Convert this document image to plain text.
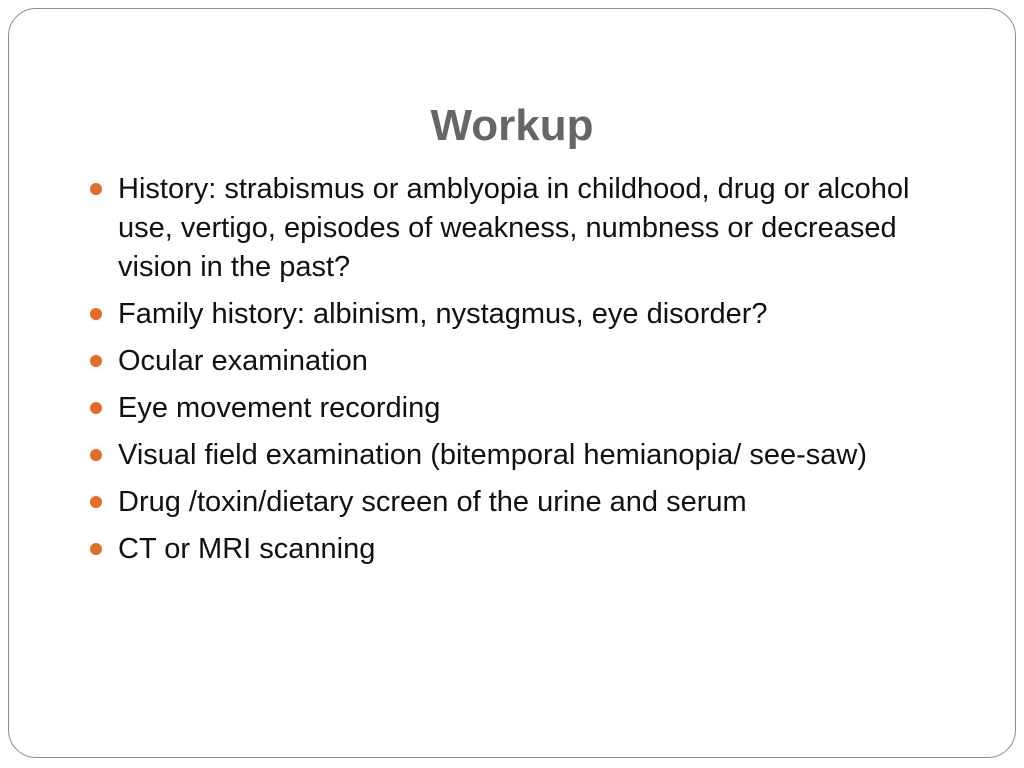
Workup
History: strabismus or amblyopia in childhood, drug or alcohol use, vertigo, episodes of weakness, numbness or decreased vision in the past?
Family history: albinism, nystagmus, eye disorder?
Ocular examination
Eye movement recording
Visual field examination (bitemporal hemianopia/ see-saw)
Drug /toxin/dietary screen of the urine and serum
CT or MRI scanning
